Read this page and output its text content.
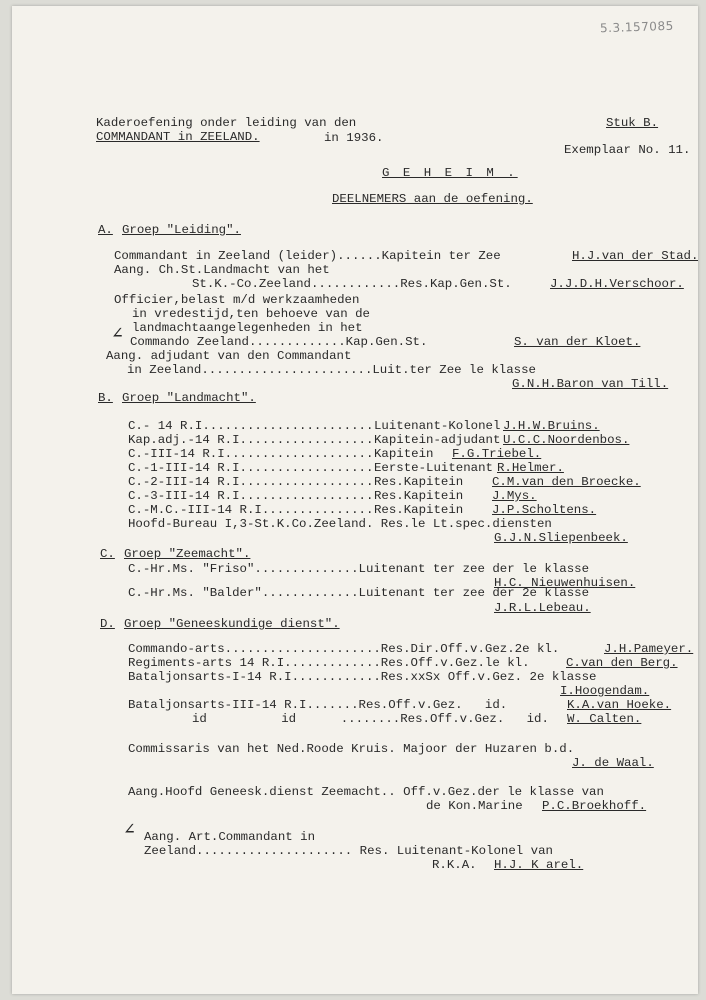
5.3.157085
Kaderoefening onder leiding van den
COMMANDANT in ZEELAND.	in 1936.
Stuk B.
Exemplaar No. 11.
G E H E I M .
DEELNEMERS aan de oefening.
A. Groep "Leiding".
Commandant in Zeeland (leider)......Kapitein ter Zee	H.J.van der Stad.
Aang. Ch.St.Landmacht van het
St.K.-Co.Zeeland............Res.Kap.Gen.St.	J.J.D.H.Verschoor.
Officier,belast m/d werkzaamheden
in vredestijd,ten behoeve van de
landmachtaangelegenheden in het
∠ Commando Zeeland.............Kap.Gen.St.	S. van der Kloet.
Aang. adjudant van den Commandant
in Zeeland.......................Luit.ter Zee le klasse
G.N.H.Baron van Till.
B. Groep "Landmacht".
C.- 14 R.I....................... Luitenant-Kolonel J.H.W.Bruins.
Kap.adj.-14 R.I.................. Kapitein-adjudant U.C.C.Noordenbos.
C.-III-14 R.I.................... Kapitein F.G.Triebel.
C.-1-III-14 R.I.................. Eerste-Luitenant R.Helmer.
C.-2-III-14 R.I.................. Res.Kapitein C.M.van den Broecke.
C.-3-III-14 R.I.................. Res.Kapitein J.Mys.
C.-M.C.-III-14 R.I............... Res.Kapitein J.P.Scholtens.
Hoofd-Bureau I,3-St.K.Co.Zeeland. Res.le Lt.spec.diensten
G.J.N.Sliepenbeek.
C. Groep "Zeemacht".
C.-Hr.Ms. "Friso"..............Luitenant ter zee der le klasse
H.C. Nieuwenhuisen.
C.-Hr.Ms. "Balder".............Luitenant ter zee der 2e klasse
J.R.L.Lebeau.
D. Groep "Geneeskundige dienst".
Commando-arts.....................Res.Dir.Off.v.Gez.2e kl.	J.H.Pameyer.
Regiments-arts 14 R.I.............Res.Off.v.Gez.le kl.	C.van den Berg.
Bataljonsarts-I-14 R.I............Res.xxSx Off.v.Gez. 2e klasse
I.Hoogendam.
Bataljonsarts-III-14 R.I.......Res.Off.v.Gez.   id.	K.A.van Hoeke.
id          id      ........Res.Off.v.Gez.   id. W. Calten.
Commissaris van het Ned.Roode Kruis. Majoor der Huzaren b.d.
J. de Waal.
Aang.Hoofd Geneesk.dienst Zeemacht.. Off.v.Gez.der le klasse van
de Kon.Marine P.C.Broekhoff.
∠ Aang. Art.Commandant in
Zeeland..................... Res. Luitenant-Kolonel van
R.K.A. H.J. K arel.
